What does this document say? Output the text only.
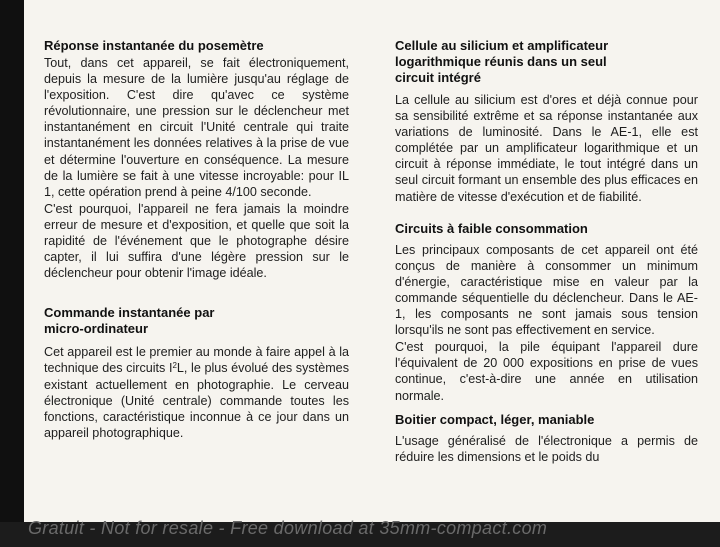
Réponse instantanée du posemètre

Tout, dans cet appareil, se fait électroniquement, depuis la mesure de la lumière jusqu'au réglage de l'exposition. C'est dire qu'avec ce système révolutionnaire, une pression sur le déclencheur met instantanément en circuit l'Unité centrale qui traite instantanément les données relatives à la prise de vue et détermine l'ouverture en conséquence. La mesure de la lumière se fait à une vitesse incroyable: pour IL 1, cette opération prend à peine 4/100 seconde.

C'est pourquoi, l'appareil ne fera jamais la moindre erreur de mesure et d'exposition, et quelle que soit la rapidité de l'événement que le photographe désire capter, il lui suffira d'une légère pression sur le déclencheur pour obtenir l'image idéale.

Commande instantanée par
micro-ordinateur

Cet appareil est le premier au monde à faire appel à la technique des circuits $I^2L$, le plus évolué des systèmes existant actuellement en photographie. Le cerveau électronique (Unité centrale) commande toutes les fonctions, caractéristique inconnue à ce jour dans un appareil photographique.

Cellule au silicium et amplificateur
logarithmique réunis dans un seul
circuit intégré

La cellule au silicium est d'ores et déjà connue pour sa sensibilité extrême et sa réponse instantanée aux variations de luminosité. Dans le AE-1, elle est complétée par un amplificateur logarithmique et un circuit à réponse immédiate, le tout intégré dans un seul circuit formant un ensemble des plus efficaces en matière de vitesse d'exécution et de fiabilité.

Circuits à faible consommation

Les principaux composants de cet appareil ont été conçus de manière à consommer un minimum d'énergie, caractéristique mise en valeur par la commande séquentielle du déclencheur. Dans le AE-1, les composants ne sont jamais sous tension lorsqu'ils ne sont pas effectivement en service.

C'est pourquoi, la pile équipant l'appareil dure l'équivalent de 20 000 expositions en prise de vues continue, c'est-à-dire une année en utilisation normale.

Boitier compact, léger, maniable

L'usage généralisé de l'électronique a permis de réduire les dimensions et le poids du

Gratuit - Not for resale - Free download at 35mm-compact.com
